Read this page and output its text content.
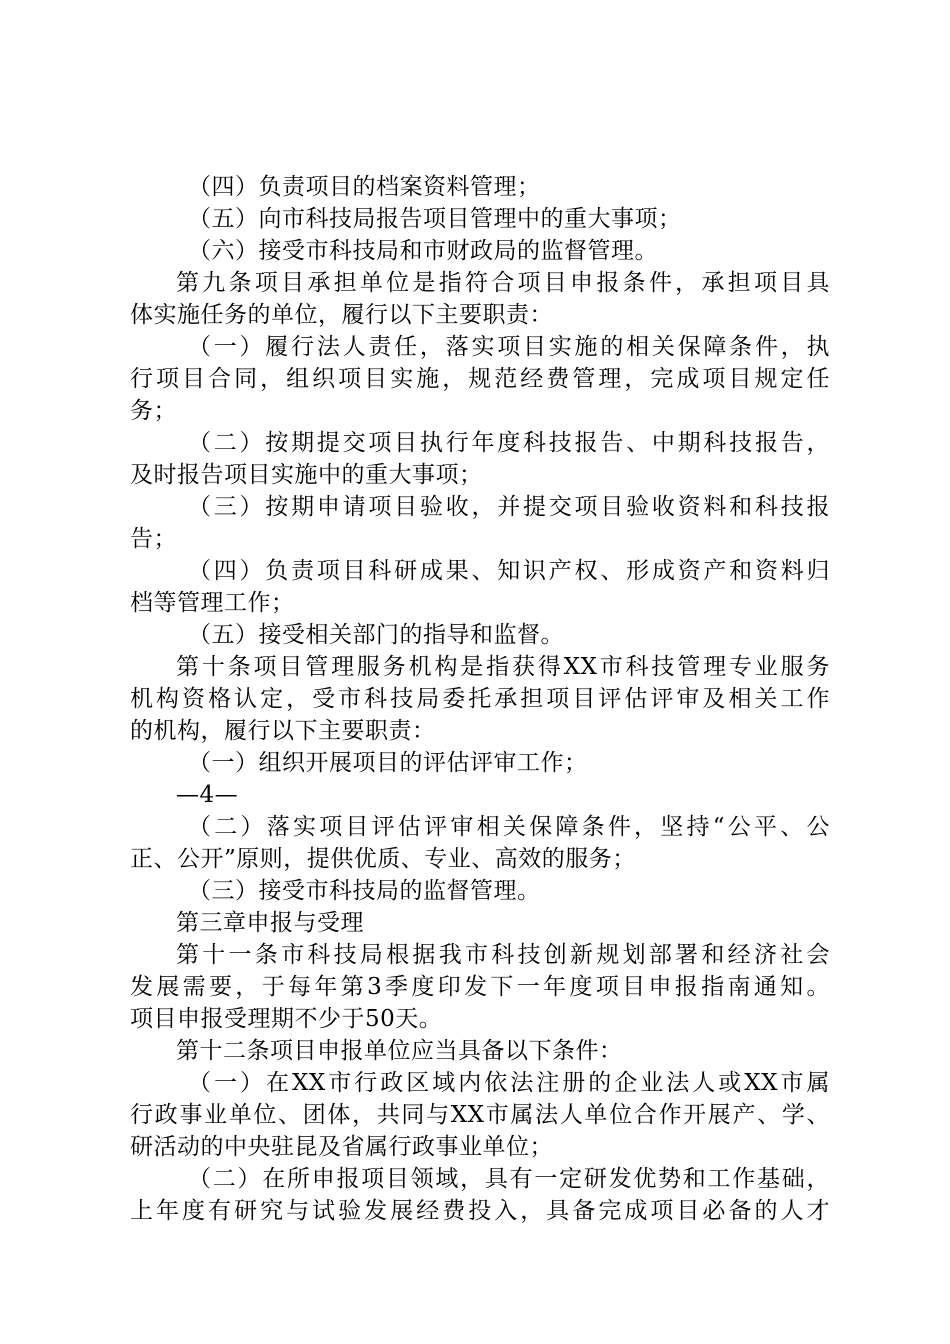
（四）负责项目的档案资料管理；
（五）向市科技局报告项目管理中的重大事项；
（六）接受市科技局和市财政局的监督管理。
第九条项目承担单位是指符合项目申报条件，承担项目具
体实施任务的单位，履行以下主要职责：
（一）履行法人责任，落实项目实施的相关保障条件，执
行项目合同，组织项目实施，规范经费管理，完成项目规定任
务；
（二）按期提交项目执行年度科技报告、中期科技报告，
及时报告项目实施中的重大事项；
（三）按期申请项目验收，并提交项目验收资料和科技报
告；
（四）负责项目科研成果、知识产权、形成资产和资料归
档等管理工作；
（五）接受相关部门的指导和监督。
第十条项目管理服务机构是指获得XX市科技管理专业服务
机构资格认定，受市科技局委托承担项目评估评审及相关工作
的机构，履行以下主要职责：
（一）组织开展项目的评估评审工作；
—4—
（二）落实项目评估评审相关保障条件，坚持“公平、公
正、公开”原则，提供优质、专业、高效的服务；
（三）接受市科技局的监督管理。
第三章申报与受理
第十一条市科技局根据我市科技创新规划部署和经济社会
发展需要，于每年第3季度印发下一年度项目申报指南通知。
项目申报受理期不少于50天。
第十二条项目申报单位应当具备以下条件：
（一）在XX市行政区域内依法注册的企业法人或XX市属
行政事业单位、团体，共同与XX市属法人单位合作开展产、学、
研活动的中央驻昆及省属行政事业单位；
（二）在所申报项目领域，具有一定研发优势和工作基础，
上年度有研究与试验发展经费投入，具备完成项目必备的人才
